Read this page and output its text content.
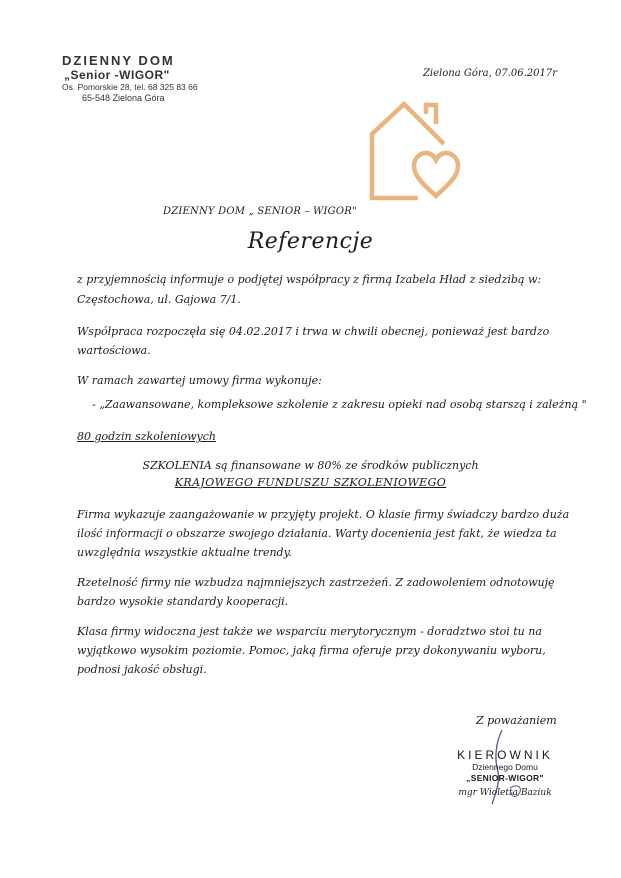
DZIENNY DOM
„Senior -WIGOR"
Os. Pomorskie 28, tel. 68 325 83 66
65-548 Zielona Góra
Zielona Góra, 07.06.2017r
DZIENNY DOM „ SENIOR – WIGOR"
Referencje
z przyjemnością informuje o podjętej współpracy z firmą Izabela Hład z siedzibą w:
Częstochowa, ul. Gajowa 7/1.
Współpraca rozpoczęła się 04.02.2017 i trwa w chwili obecnej, ponieważ jest bardzo
wartościowa.
W ramach zawartej umowy firma wykonuje:
- „Zaawansowane, kompleksowe szkolenie z zakresu opieki nad osobą starszą i zależną "
80 godzin szkoleniowych
SZKOLENIA są finansowane w 80% ze środków publicznych
KRAJOWEGO FUNDUSZU SZKOLENIOWEGO
Firma wykazuje zaangażowanie w przyjęty projekt. O klasie firmy świadczy bardzo duża
ilość informacji o obszarze swojego działania. Warty docenienia jest fakt, że wiedza ta
uwzględnia wszystkie aktualne trendy.
Rzetelność firmy nie wzbudza najmniejszych zastrzeżeń. Z zadowoleniem odnotowuję
bardzo wysokie standardy kooperacji.
Klasa firmy widoczna jest także we wsparciu merytorycznym - doradztwo stoi tu na
wyjątkowo wysokim poziomie. Pomoc, jaką firma oferuje przy dokonywaniu wyboru,
podnosi jakość obsługi.
Z poważaniem
KIEROWNIK
Dziennego Domu
„SENIOR-WIGOR"
mgr Wioletta Baziuk
